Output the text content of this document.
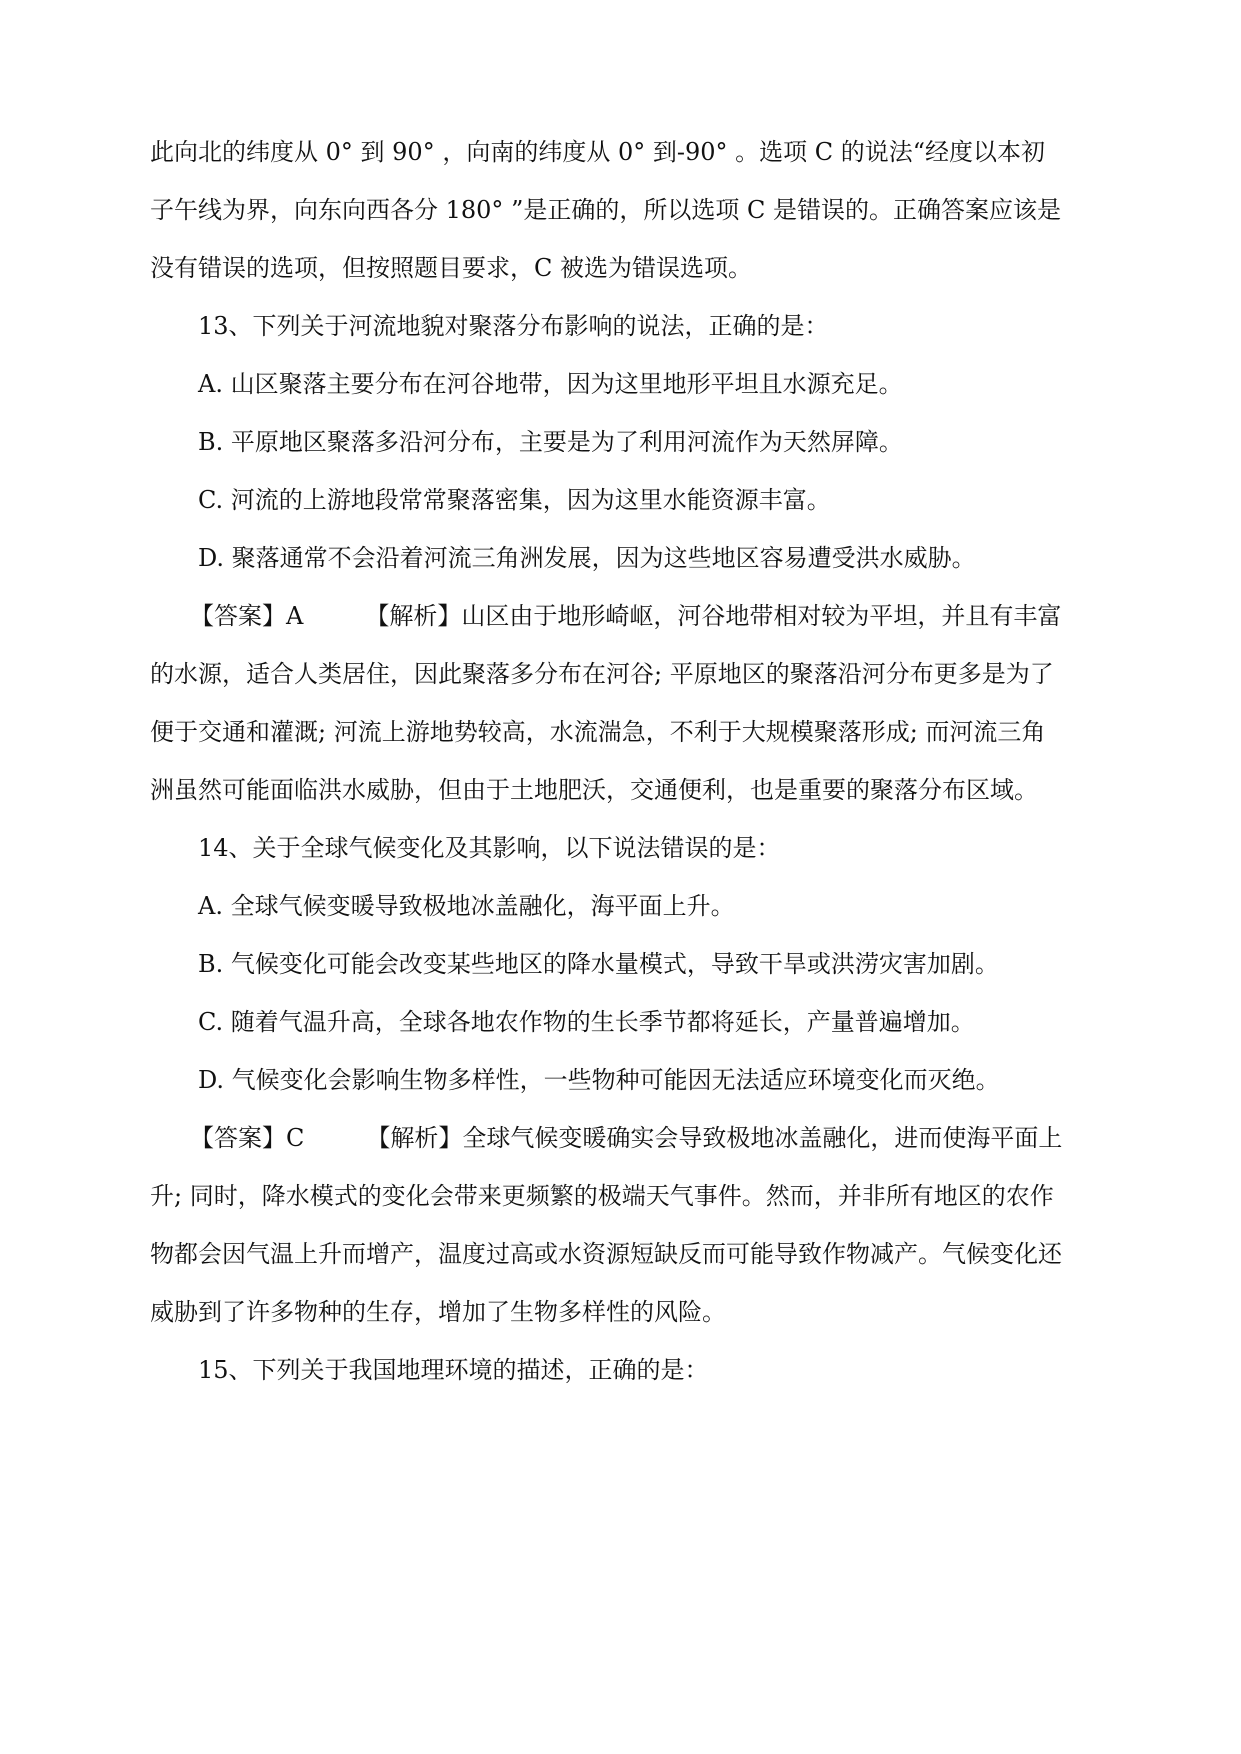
此向北的纬度从 0° 到 90° ，向南的纬度从 0° 到-90° 。选项 C 的说法“经度以本初
子午线为界，向东向西各分 180° ”是正确的，所以选项 C 是错误的。正确答案应该是
没有错误的选项，但按照题目要求，C 被选为错误选项。
13、下列关于河流地貌对聚落分布影响的说法，正确的是：
A. 山区聚落主要分布在河谷地带，因为这里地形平坦且水源充足。
B. 平原地区聚落多沿河分布，主要是为了利用河流作为天然屏障。
C. 河流的上游地段常常聚落密集，因为这里水能资源丰富。
D. 聚落通常不会沿着河流三角洲发展，因为这些地区容易遭受洪水威胁。
【答案】A	【解析】山区由于地形崎岖，河谷地带相对较为平坦，并且有丰富
的水源，适合人类居住，因此聚落多分布在河谷; 平原地区的聚落沿河分布更多是为了
便于交通和灌溉; 河流上游地势较高，水流湍急，不利于大规模聚落形成; 而河流三角
洲虽然可能面临洪水威胁，但由于土地肥沃，交通便利，也是重要的聚落分布区域。
14、关于全球气候变化及其影响，以下说法错误的是：
A. 全球气候变暖导致极地冰盖融化，海平面上升。
B. 气候变化可能会改变某些地区的降水量模式，导致干旱或洪涝灾害加剧。
C. 随着气温升高，全球各地农作物的生长季节都将延长，产量普遍增加。
D. 气候变化会影响生物多样性，一些物种可能因无法适应环境变化而灭绝。
【答案】C	【解析】全球气候变暖确实会导致极地冰盖融化，进而使海平面上
升; 同时，降水模式的变化会带来更频繁的极端天气事件。然而，并非所有地区的农作
物都会因气温上升而增产，温度过高或水资源短缺反而可能导致作物减产。气候变化还
威胁到了许多物种的生存，增加了生物多样性的风险。
15、下列关于我国地理环境的描述，正确的是：
